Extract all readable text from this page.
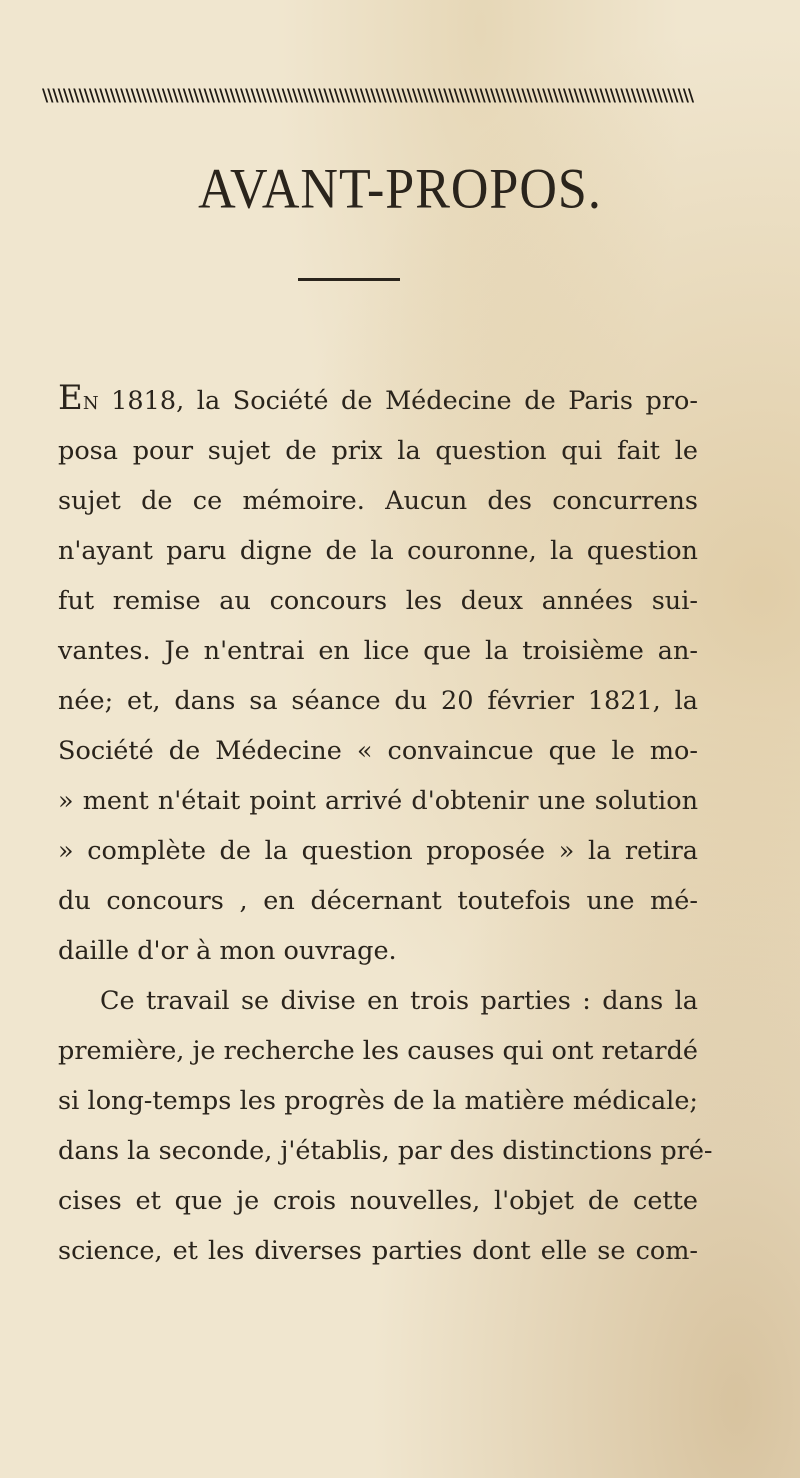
\\\\\\\\\\\\\\\\\\\\\\\\\\\\\\\\\\\\\\\\\\\\\\\\\\\\\\\\\\\\\\\\\\\\\\\\\\\\\\\\\\\\\\\\\\\\\\\\\\\\\\\\\\\\\\\\\\\\\\\\\\\\\
AVANT-PROPOS.
En 1818, la Société de Médecine de Paris pro-
posa pour sujet de prix la question qui fait le
sujet de ce mémoire. Aucun des concurrens
n'ayant paru digne de la couronne, la question
fut remise au concours les deux années sui-
vantes. Je n'entrai en lice que la troisième an-
née; et, dans sa séance du 20 février 1821, la
Société de Médecine « convaincue que le mo-
» ment n'était point arrivé d'obtenir une solution
» complète de la question proposée » la retira
du concours , en décernant toutefois une mé-
daille d'or à mon ouvrage.
Ce travail se divise en trois parties : dans la
première, je recherche les causes qui ont retardé
si long-temps les progrès de la matière médicale;
dans la seconde, j'établis, par des distinctions pré-
cises et que je crois nouvelles, l'objet de cette
science, et les diverses parties dont elle se com-
